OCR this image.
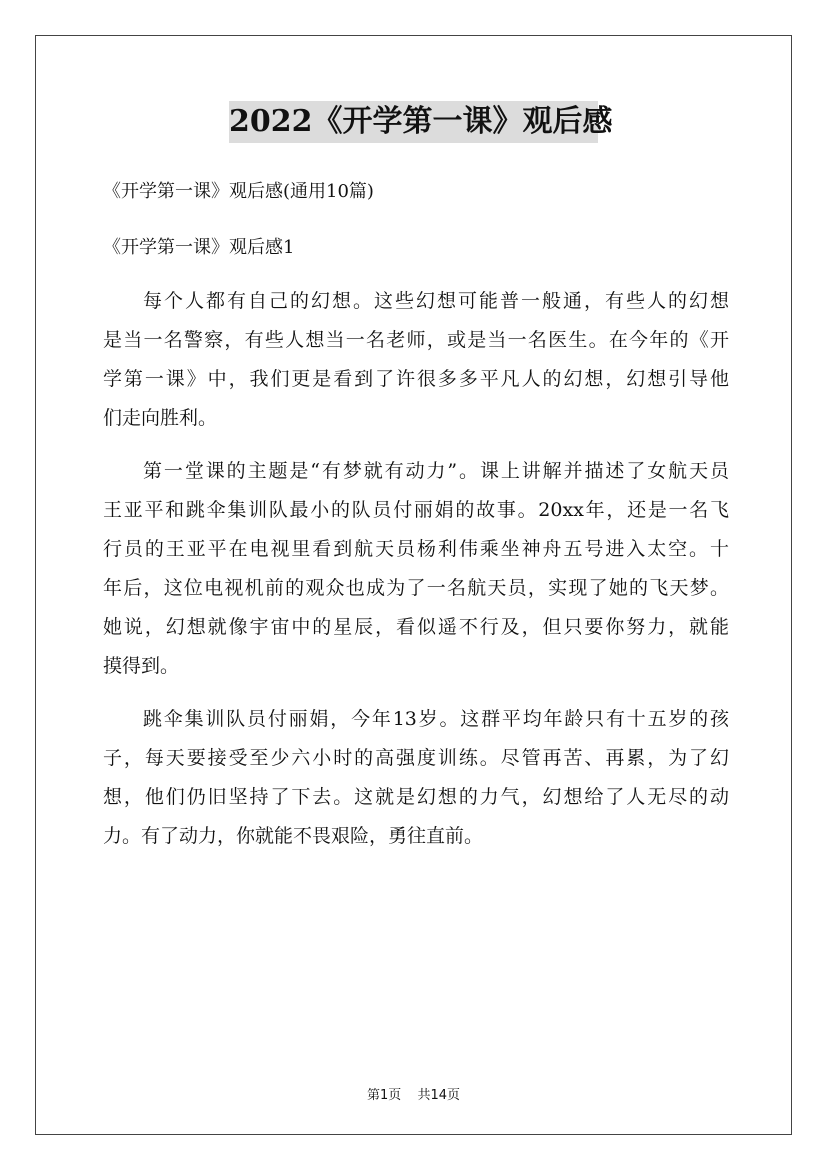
2022《开学第一课》观后感
《开学第一课》观后感(通用10篇)
《开学第一课》观后感1

每个人都有自己的幻想。这些幻想可能普一般通，有些人的幻想
是当一名警察，有些人想当一名老师，或是当一名医生。在今年的《开
学第一课》中，我们更是看到了许很多多平凡人的幻想，幻想引导他
们走向胜利。

第一堂课的主题是“有梦就有动力”。课上讲解并描述了女航天员
王亚平和跳伞集训队最小的队员付丽娟的故事。20xx年，还是一名飞
行员的王亚平在电视里看到航天员杨利伟乘坐神舟五号进入太空。十
年后，这位电视机前的观众也成为了一名航天员，实现了她的飞天梦。
她说，幻想就像宇宙中的星辰，看似遥不行及，但只要你努力，就能
摸得到。

跳伞集训队员付丽娟，今年13岁。这群平均年龄只有十五岁的孩
子，每天要接受至少六小时的高强度训练。尽管再苦、再累，为了幻
想，他们仍旧坚持了下去。这就是幻想的力气，幻想给了人无尽的动
力。有了动力，你就能不畏艰险，勇往直前。

第1页 共14页
